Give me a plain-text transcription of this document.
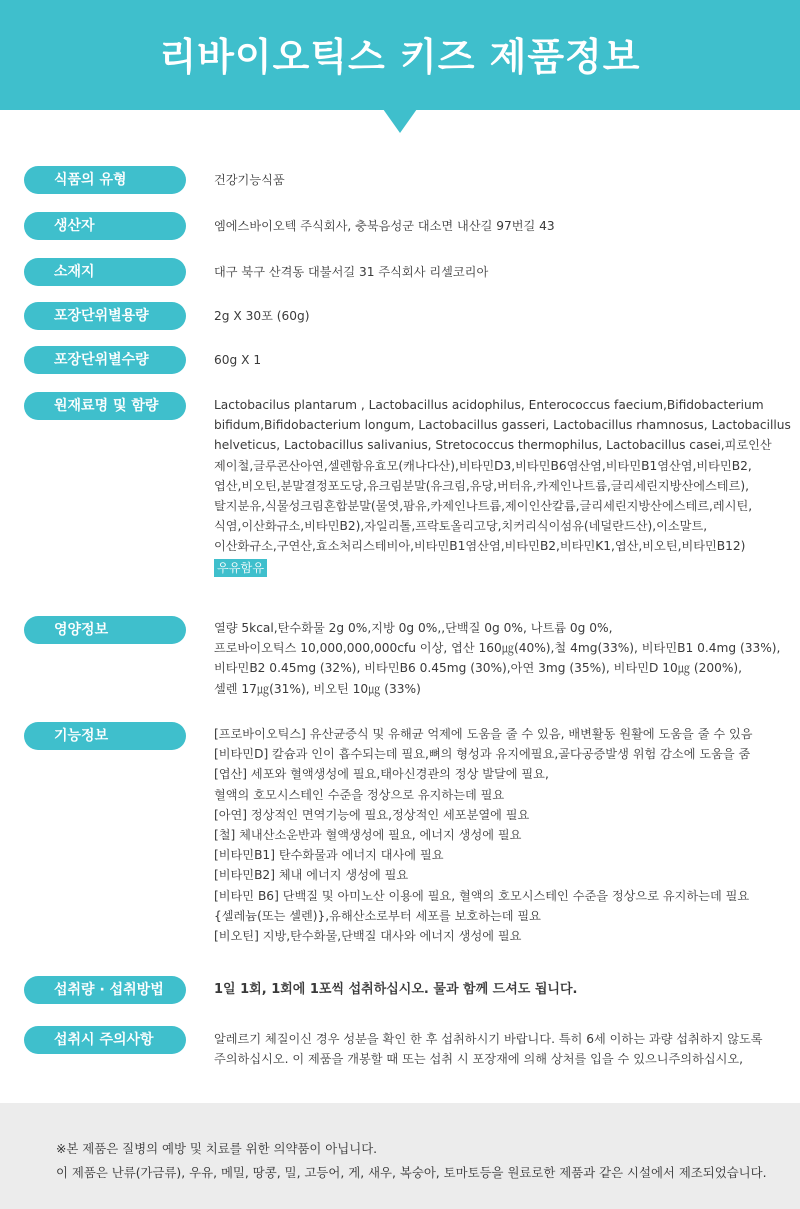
리바이오틱스 키즈 제품정보
식품의 유형	건강기능식품
생산자	엠에스바이오텍 주식회사, 충북음성군 대소면 내산길 97번길 43
소재지	대구 북구 산격동 대불서길 31 주식회사 리셀코리아
포장단위별용량	2g X 30포 (60g)
포장단위별수량	60g X 1
원재료명 및 함량	Lactobacilus plantarum , Lactobacillus acidophilus, Enterococcus faecium,Bifidobacterium
bifidum,Bifidobacterium longum, Lactobacillus gasseri, Lactobacillus rhamnosus, Lactobacillus
helveticus, Lactobacillus salivanius, Stretococcus thermophilus, Lactobacillus casei,피로인산
제이철,글루콘산아연,셀렌함유효모(캐나다산),비타민D3,비타민B6염산염,비타민B1염산염,비타민B2,
엽산,비오틴,분말결정포도당,유크림분말(유크림,유당,버터유,카제인나트륨,글리세린지방산에스테르),
탈지분유,식물성크림혼합분말(물엿,팜유,카제인나트륨,제이인산칼륨,글리세린지방산에스테르,레시틴,
식염,이산화규소,비타민B2),자일리톨,프락토올리고당,치커리식이섬유(네덜란드산),이소말트,
이산화규소,구연산,효소처리스테비아,비타민B1염산염,비타민B2,비타민K1,엽산,비오틴,비타민B12)
우유함유
영양정보	열량 5kcal,탄수화물 2g 0%,지방 0g 0%,,단백질 0g 0%, 나트륨 0g 0%,
프로바이오틱스 10,000,000,000cfu 이상, 엽산 160㎍(40%),철 4mg(33%), 비타민B1 0.4mg (33%),
비타민B2 0.45mg (32%), 비타민B6 0.45mg (30%),아연 3mg (35%), 비타민D 10㎍ (200%),
셀렌 17㎍(31%), 비오틴 10㎍ (33%)
기능정보	[프로바이오틱스] 유산균증식 및 유해균 억제에 도움을 줄 수 있음, 배변활동 원활에 도움을 줄 수 있음
[비타민D] 칼슘과 인이 흡수되는데 필요,뼈의 형성과 유지에필요,골다공증발생 위험 감소에 도움을 줌
[엽산] 세포와 혈액생성에 필요,태아신경관의 정상 발달에 필요,
혈액의 호모시스테인 수준을 정상으로 유지하는데 필요
[아연] 정상적인 면역기능에 필요,정상적인 세포분열에 필요
[철] 체내산소운반과 혈액생성에 필요, 에너지 생성에 필요
[비타민B1] 탄수화물과 에너지 대사에 필요
[비타민B2] 체내 에너지 생성에 필요
[비타민 B6] 단백질 및 아미노산 이용에 필요, 혈액의 호모시스테인 수준을 정상으로 유지하는데 필요
{셀레늄(또는 셀렌)},유해산소로부터 세포를 보호하는데 필요
[비오틴] 지방,탄수화물,단백질 대사와 에너지 생성에 필요
섭취량 · 섭취방법	1일 1회, 1회에 1포씩 섭취하십시오. 물과 함께 드셔도 됩니다.
섭취시 주의사항	알레르기 체질이신 경우 성분을 확인 한 후 섭취하시기 바랍니다. 특히 6세 이하는 과량 섭취하지 않도록
주의하십시오. 이 제품을 개봉할 때 또는 섭취 시 포장재에 의해 상처를 입을 수 있으니주의하십시오,
※본 제품은 질병의 예방 및 치료를 위한 의약품이 아닙니다.
이 제품은 난류(가금류), 우유, 메밀, 땅콩, 밀, 고등어, 게, 새우, 복숭아, 토마토등을 원료로한 제품과 같은 시설에서 제조되었습니다.
